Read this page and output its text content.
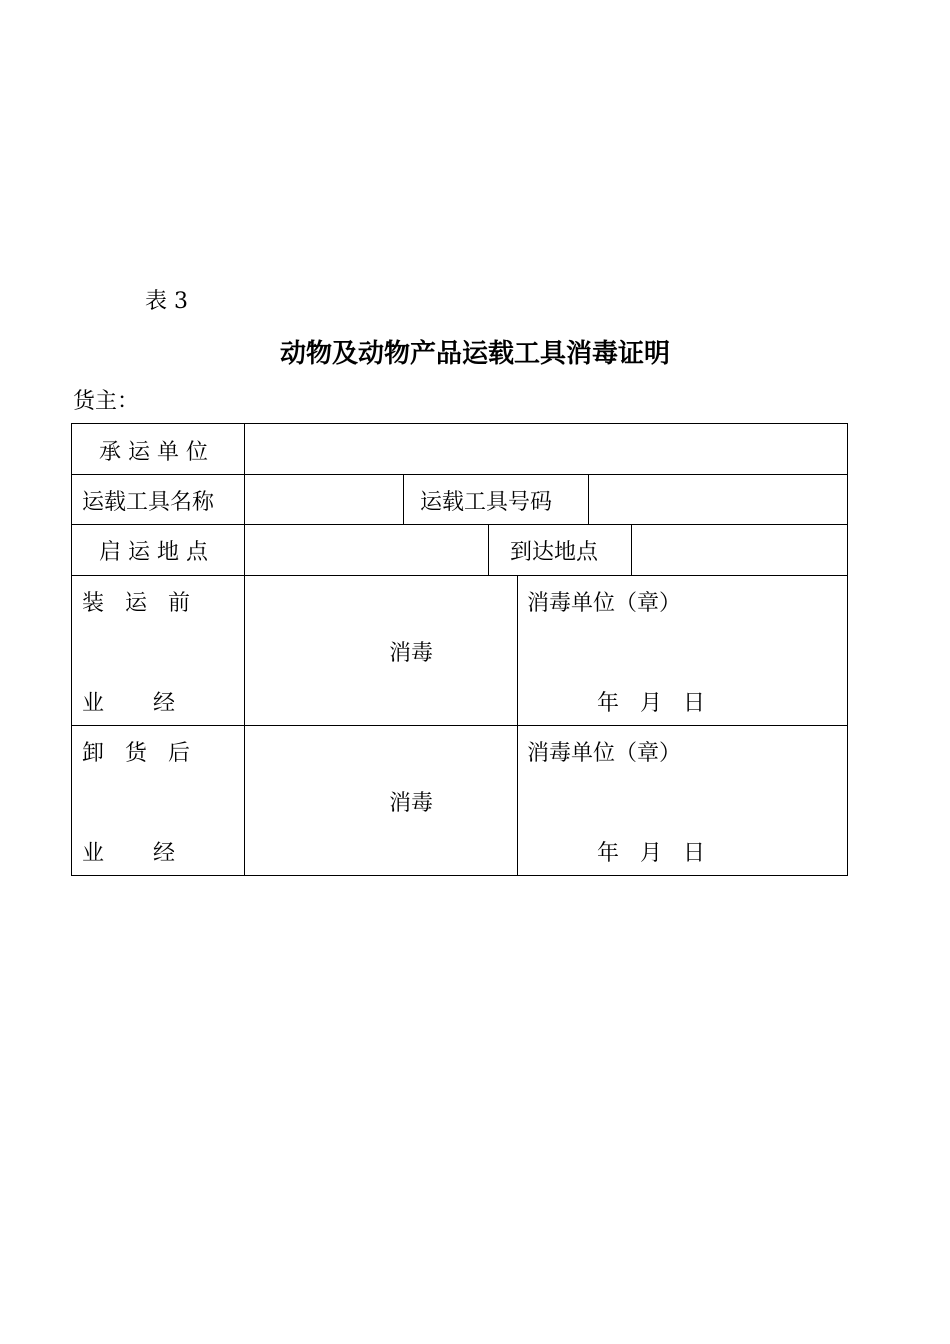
表 3
动物及动物产品运载工具消毒证明
货主：
承 运 单 位
运载工具名称	运载工具号码
启 运 地 点	到达地点
装   运   前
业       经
消毒
消毒单位（章）
年   月   日
卸   货   后
业       经
消毒
消毒单位（章）
年   月   日
